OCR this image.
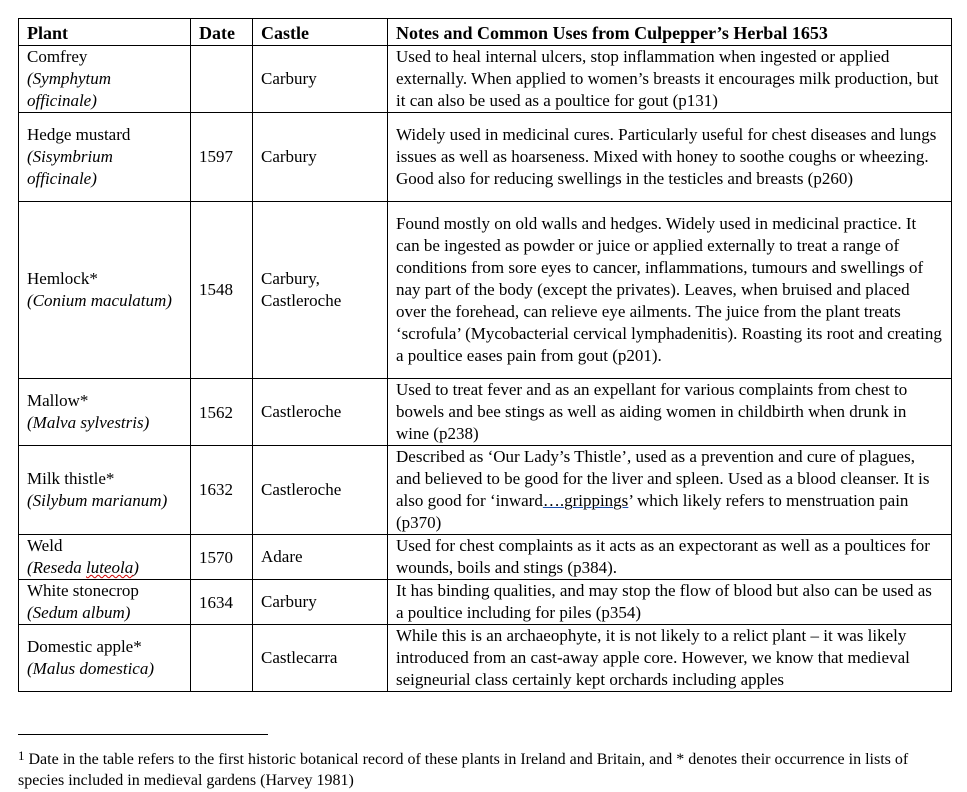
Plant	Date	Castle	Notes and Common Uses from Culpepper’s Herbal 1653

Comfrey
(Symphytum officinale)		Carbury	Used to heal internal ulcers, stop inflammation when ingested or applied externally. When applied to women’s breasts it encourages milk production, but it can also be used as a poultice for gout (p131)

Hedge mustard
(Sisymbrium officinale)	1597	Carbury	Widely used in medicinal cures. Particularly useful for chest diseases and lungs issues as well as hoarseness. Mixed with honey to soothe coughs or wheezing. Good also for reducing swellings in the testicles and breasts (p260)

Hemlock*
(Conium maculatum)	1548	Carbury, Castleroche	Found mostly on old walls and hedges. Widely used in medicinal practice. It can be ingested as powder or juice or applied externally to treat a range of conditions from sore eyes to cancer, inflammations, tumours and swellings of nay part of the body (except the privates). Leaves, when bruised and placed over the forehead, can relieve eye ailments. The juice from the plant treats ‘scrofula’ (Mycobacterial cervical lymphadenitis). Roasting its root and creating a poultice eases pain from gout (p201).

Mallow*
(Malva sylvestris)	1562	Castleroche	Used to treat fever and as an expellant for various complaints from chest to bowels and bee stings as well as aiding women in childbirth when drunk in wine (p238)

Milk thistle*
(Silybum marianum)	1632	Castleroche	Described as ‘Our Lady’s Thistle’, used as a prevention and cure of plagues, and believed to be good for the liver and spleen. Used as a blood cleanser. It is also good for ‘inward….grippings’ which likely refers to menstruation pain (p370)

Weld
(Reseda luteola)	1570	Adare	Used for chest complaints as it acts as an expectorant as well as a poultices for wounds, boils and stings (p384).

White stonecrop
(Sedum album)	1634	Carbury	It has binding qualities, and may stop the flow of blood but also can be used as a poultice including for piles (p354)

Domestic apple*
(Malus domestica)		Castlecarra	While this is an archaeophyte, it is not likely to a relict plant – it was likely introduced from an cast-away apple core. However, we know that medieval seigneurial class certainly kept orchards including apples
$^1$ Date in the table refers to the first historic botanical record of these plants in Ireland and Britain, and * denotes their occurrence in lists of species included in medieval gardens (Harvey 1981)
